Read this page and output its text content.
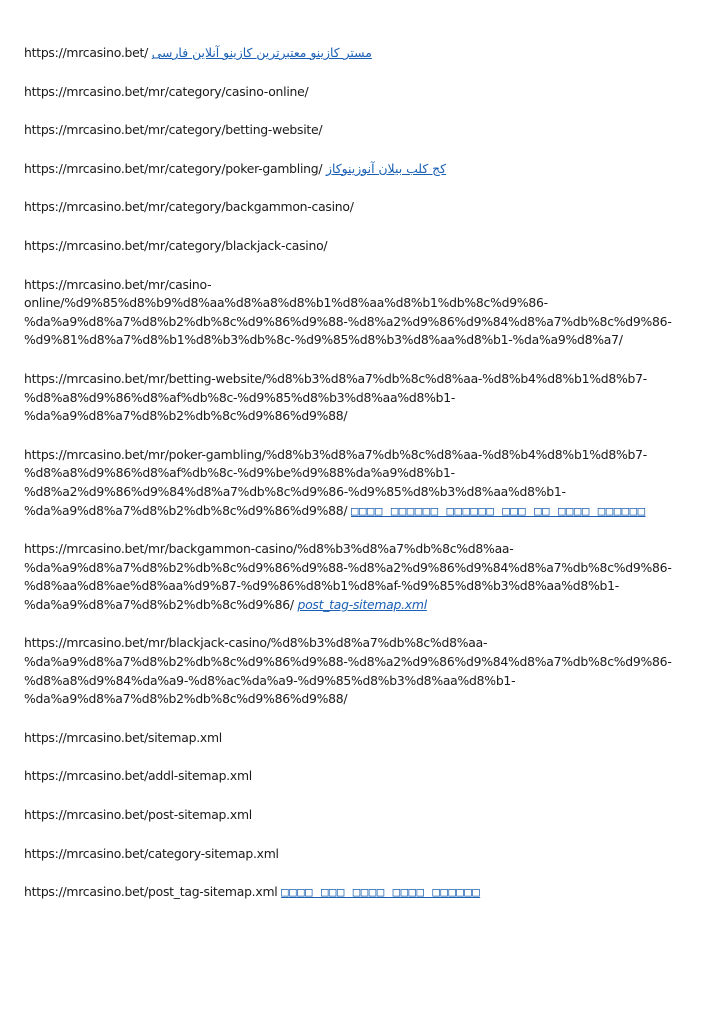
https://mrcasino.bet/ مستر کازینو معتبرترین کازینو آنلاین فارسی
https://mrcasino.bet/mr/category/casino-online/
https://mrcasino.bet/mr/category/betting-website/
https://mrcasino.bet/mr/category/poker-gambling/ کج کلب بیلان آنوزینوکاز
https://mrcasino.bet/mr/category/backgammon-casino/
https://mrcasino.bet/mr/category/blackjack-casino/
https://mrcasino.bet/mr/casino-
online/%d9%85%d8%b9%d8%aa%d8%a8%d8%b1%d8%aa%d8%b1%db%8c%d9%86-
%da%a9%d8%a7%d8%b2%db%8c%d9%86%d9%88-%d8%a2%d9%86%d9%84%d8%a7%db%8c%d9%86-
%d9%81%d8%a7%d8%b1%d8%b3%db%8c-%d9%85%d8%b3%d8%aa%d8%b1-%da%a9%d8%a7/
https://mrcasino.bet/mr/betting-website/%d8%b3%d8%a7%db%8c%d8%aa-%d8%b4%d8%b1%d8%b7-
%d8%a8%d9%86%d8%af%db%8c-%d9%85%d8%b3%d8%aa%d8%b1-
%da%a9%d8%a7%d8%b2%db%8c%d9%86%d9%88/
https://mrcasino.bet/mr/poker-gambling/%d8%b3%d8%a7%db%8c%d8%aa-%d8%b4%d8%b1%d8%b7-
%d8%a8%d9%86%d8%af%db%8c-%d9%be%d9%88%da%a9%d8%b1-
%d8%a2%d9%86%d9%84%d8%a7%db%8c%d9%86-%d9%85%d8%b3%d8%aa%d8%b1-
%da%a9%d8%a7%d8%b2%db%8c%d9%86%d9%88/ □□□□ □□□□□□ □□□□□□ □□□ □□ □□□□ □□□□□□
https://mrcasino.bet/mr/backgammon-casino/%d8%b3%d8%a7%db%8c%d8%aa-
%da%a9%d8%a7%d8%b2%db%8c%d9%86%d9%88-%d8%a2%d9%86%d9%84%d8%a7%db%8c%d9%86-
%d8%aa%d8%ae%d8%aa%d9%87-%d9%86%d8%b1%d8%af-%d9%85%d8%b3%d8%aa%d8%b1-
%da%a9%d8%a7%d8%b2%db%8c%d9%86/ post_tag-sitemap.xml
https://mrcasino.bet/mr/blackjack-casino/%d8%b3%d8%a7%db%8c%d8%aa-
%da%a9%d8%a7%d8%b2%db%8c%d9%86%d9%88-%d8%a2%d9%86%d9%84%d8%a7%db%8c%d9%86-
%d8%a8%d9%84%da%a9-%d8%ac%da%a9-%d9%85%d8%b3%d8%aa%d8%b1-
%da%a9%d8%a7%d8%b2%db%8c%d9%86%d9%88/
https://mrcasino.bet/sitemap.xml
https://mrcasino.bet/addl-sitemap.xml
https://mrcasino.bet/post-sitemap.xml
https://mrcasino.bet/category-sitemap.xml
https://mrcasino.bet/post_tag-sitemap.xml □□□□ □□□ □□□□ □□□□ □□□□□□
